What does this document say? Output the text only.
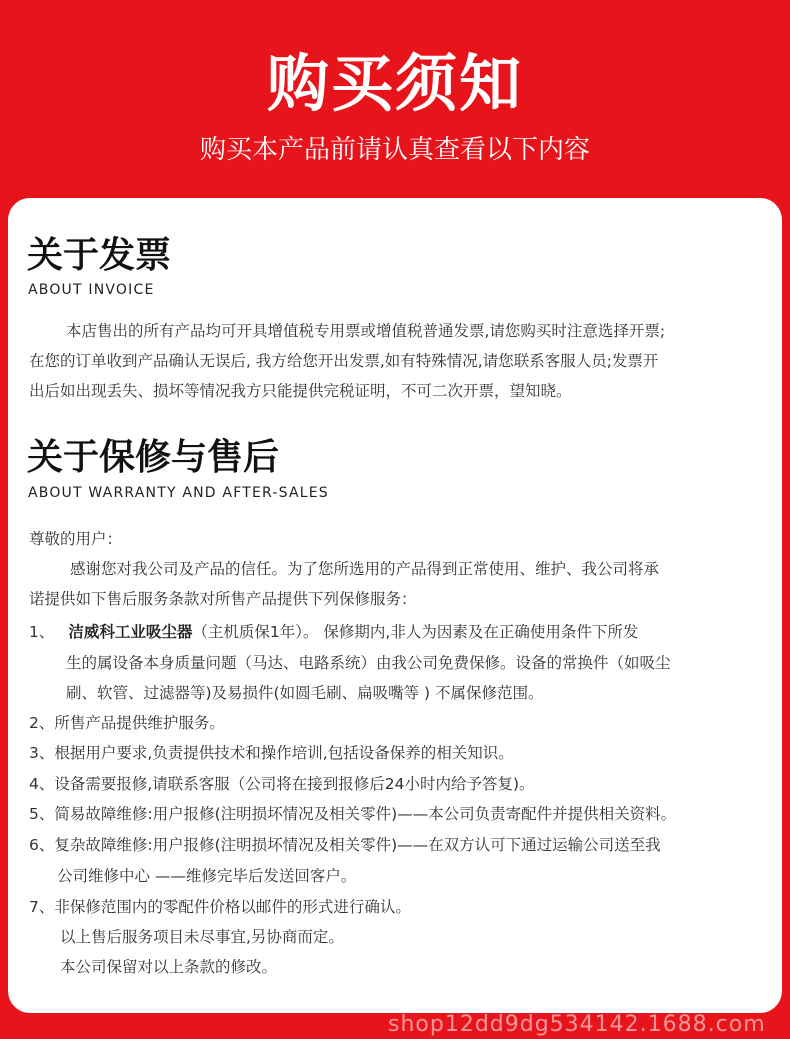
购买须知
购买本产品前请认真查看以下内容
关于发票
ABOUT INVOICE
本店售出的所有产品均可开具增值税专用票或增值税普通发票,请您购买时注意选择开票;
在您的订单收到产品确认无误后, 我方给您开出发票,如有特殊情况,请您联系客服人员;发票开
出后如出现丢失、损坏等情况我方只能提供完税证明，不可二次开票，望知晓。
关于保修与售后
ABOUT WARRANTY AND AFTER-SALES
尊敬的用户：
感谢您对我公司及产品的信任。为了您所选用的产品得到正常使用、维护、我公司将承
诺提供如下售后服务条款对所售产品提供下列保修服务：
1、 洁威科工业吸尘器（主机质保1年）。 保修期内,非人为因素及在正确使用条件下所发
生的属设备本身质量问题（马达、电路系统）由我公司免费保修。设备的常换件（如吸尘
刷、软管、过滤器等)及易损件(如圆毛刷、扁吸嘴等 ) 不属保修范围。
2、所售产品提供维护服务。
3、根据用户要求,负责提供技术和操作培训,包括设备保养的相关知识。
4、设备需要报修,请联系客服（公司将在接到报修后24小时内给予答复)。
5、简易故障维修:用户报修(注明损坏情况及相关零件)——本公司负责寄配件并提供相关资料。
6、复杂故障维修:用户报修(注明损坏情况及相关零件)——在双方认可下通过运输公司送至我
公司维修中心 ——维修完毕后发送回客户。
7、非保修范围内的零配件价格以邮件的形式进行确认。
以上售后服务项目未尽事宜,另协商而定。
本公司保留对以上条款的修改。
shop12dd9dg534142.1688.com
